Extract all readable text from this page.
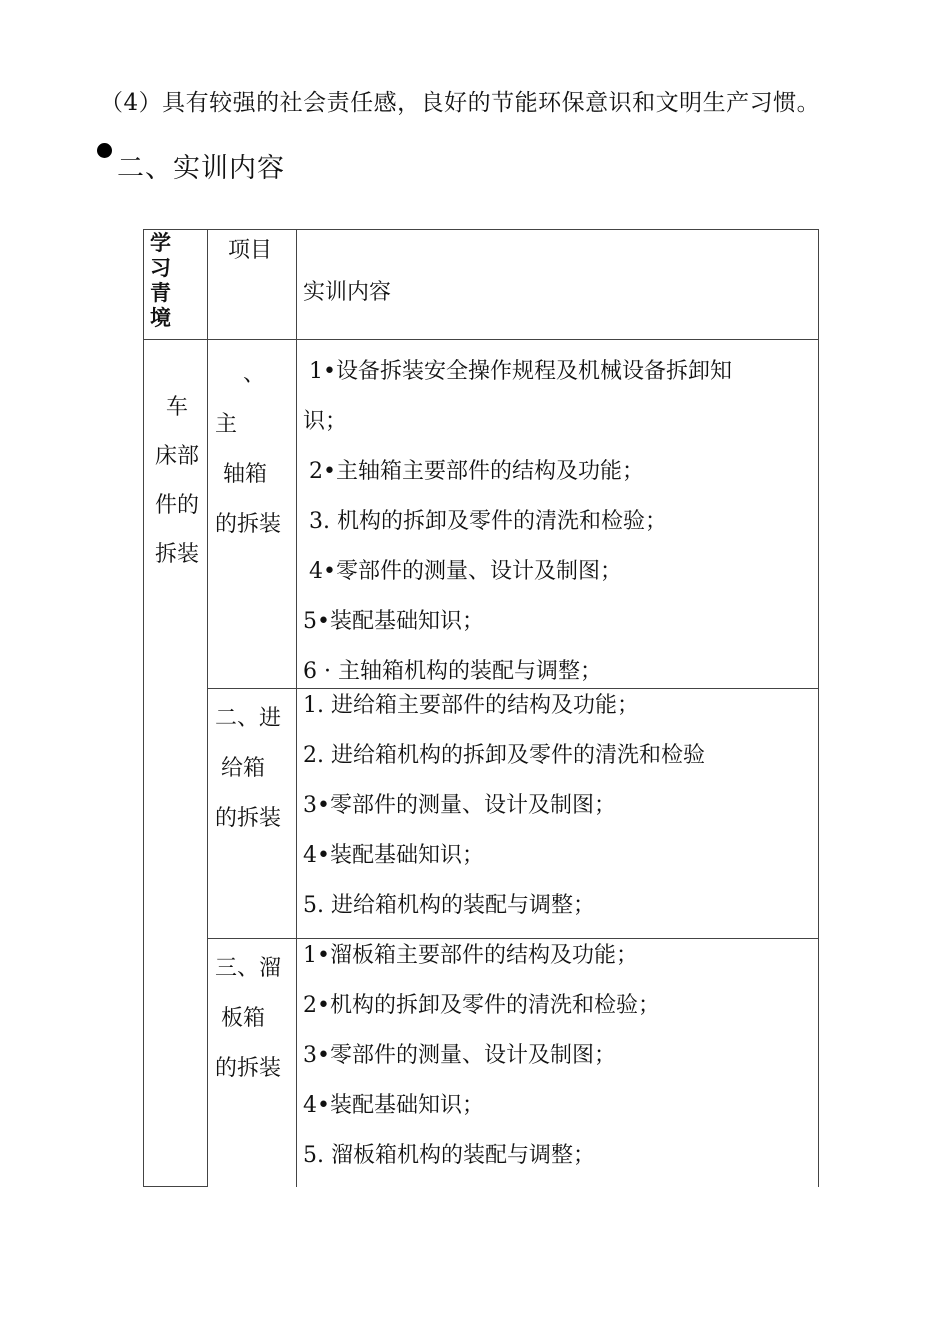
（4）具有较强的社会责任感，良好的节能环保意识和文明生产习惯。
二、实训内容
学习青境
项目
实训内容
车
床部
件的
拆装
、
主
轴箱
的拆装
1•设备拆装安全操作规程及机械设备拆卸知
识；
2•主轴箱主要部件的结构及功能；
3. 机构的拆卸及零件的清洗和检验；
4•零部件的测量、设计及制图；
5•装配基础知识；
6 · 主轴箱机构的装配与调整；
二、进
给箱
的拆装
1. 进给箱主要部件的结构及功能；
2. 进给箱机构的拆卸及零件的清洗和检验
3•零部件的测量、设计及制图；
4•装配基础知识；
5. 进给箱机构的装配与调整；
三、溜
板箱
的拆装
1•溜板箱主要部件的结构及功能；
2•机构的拆卸及零件的清洗和检验；
3•零部件的测量、设计及制图；
4•装配基础知识；
5. 溜板箱机构的装配与调整；
